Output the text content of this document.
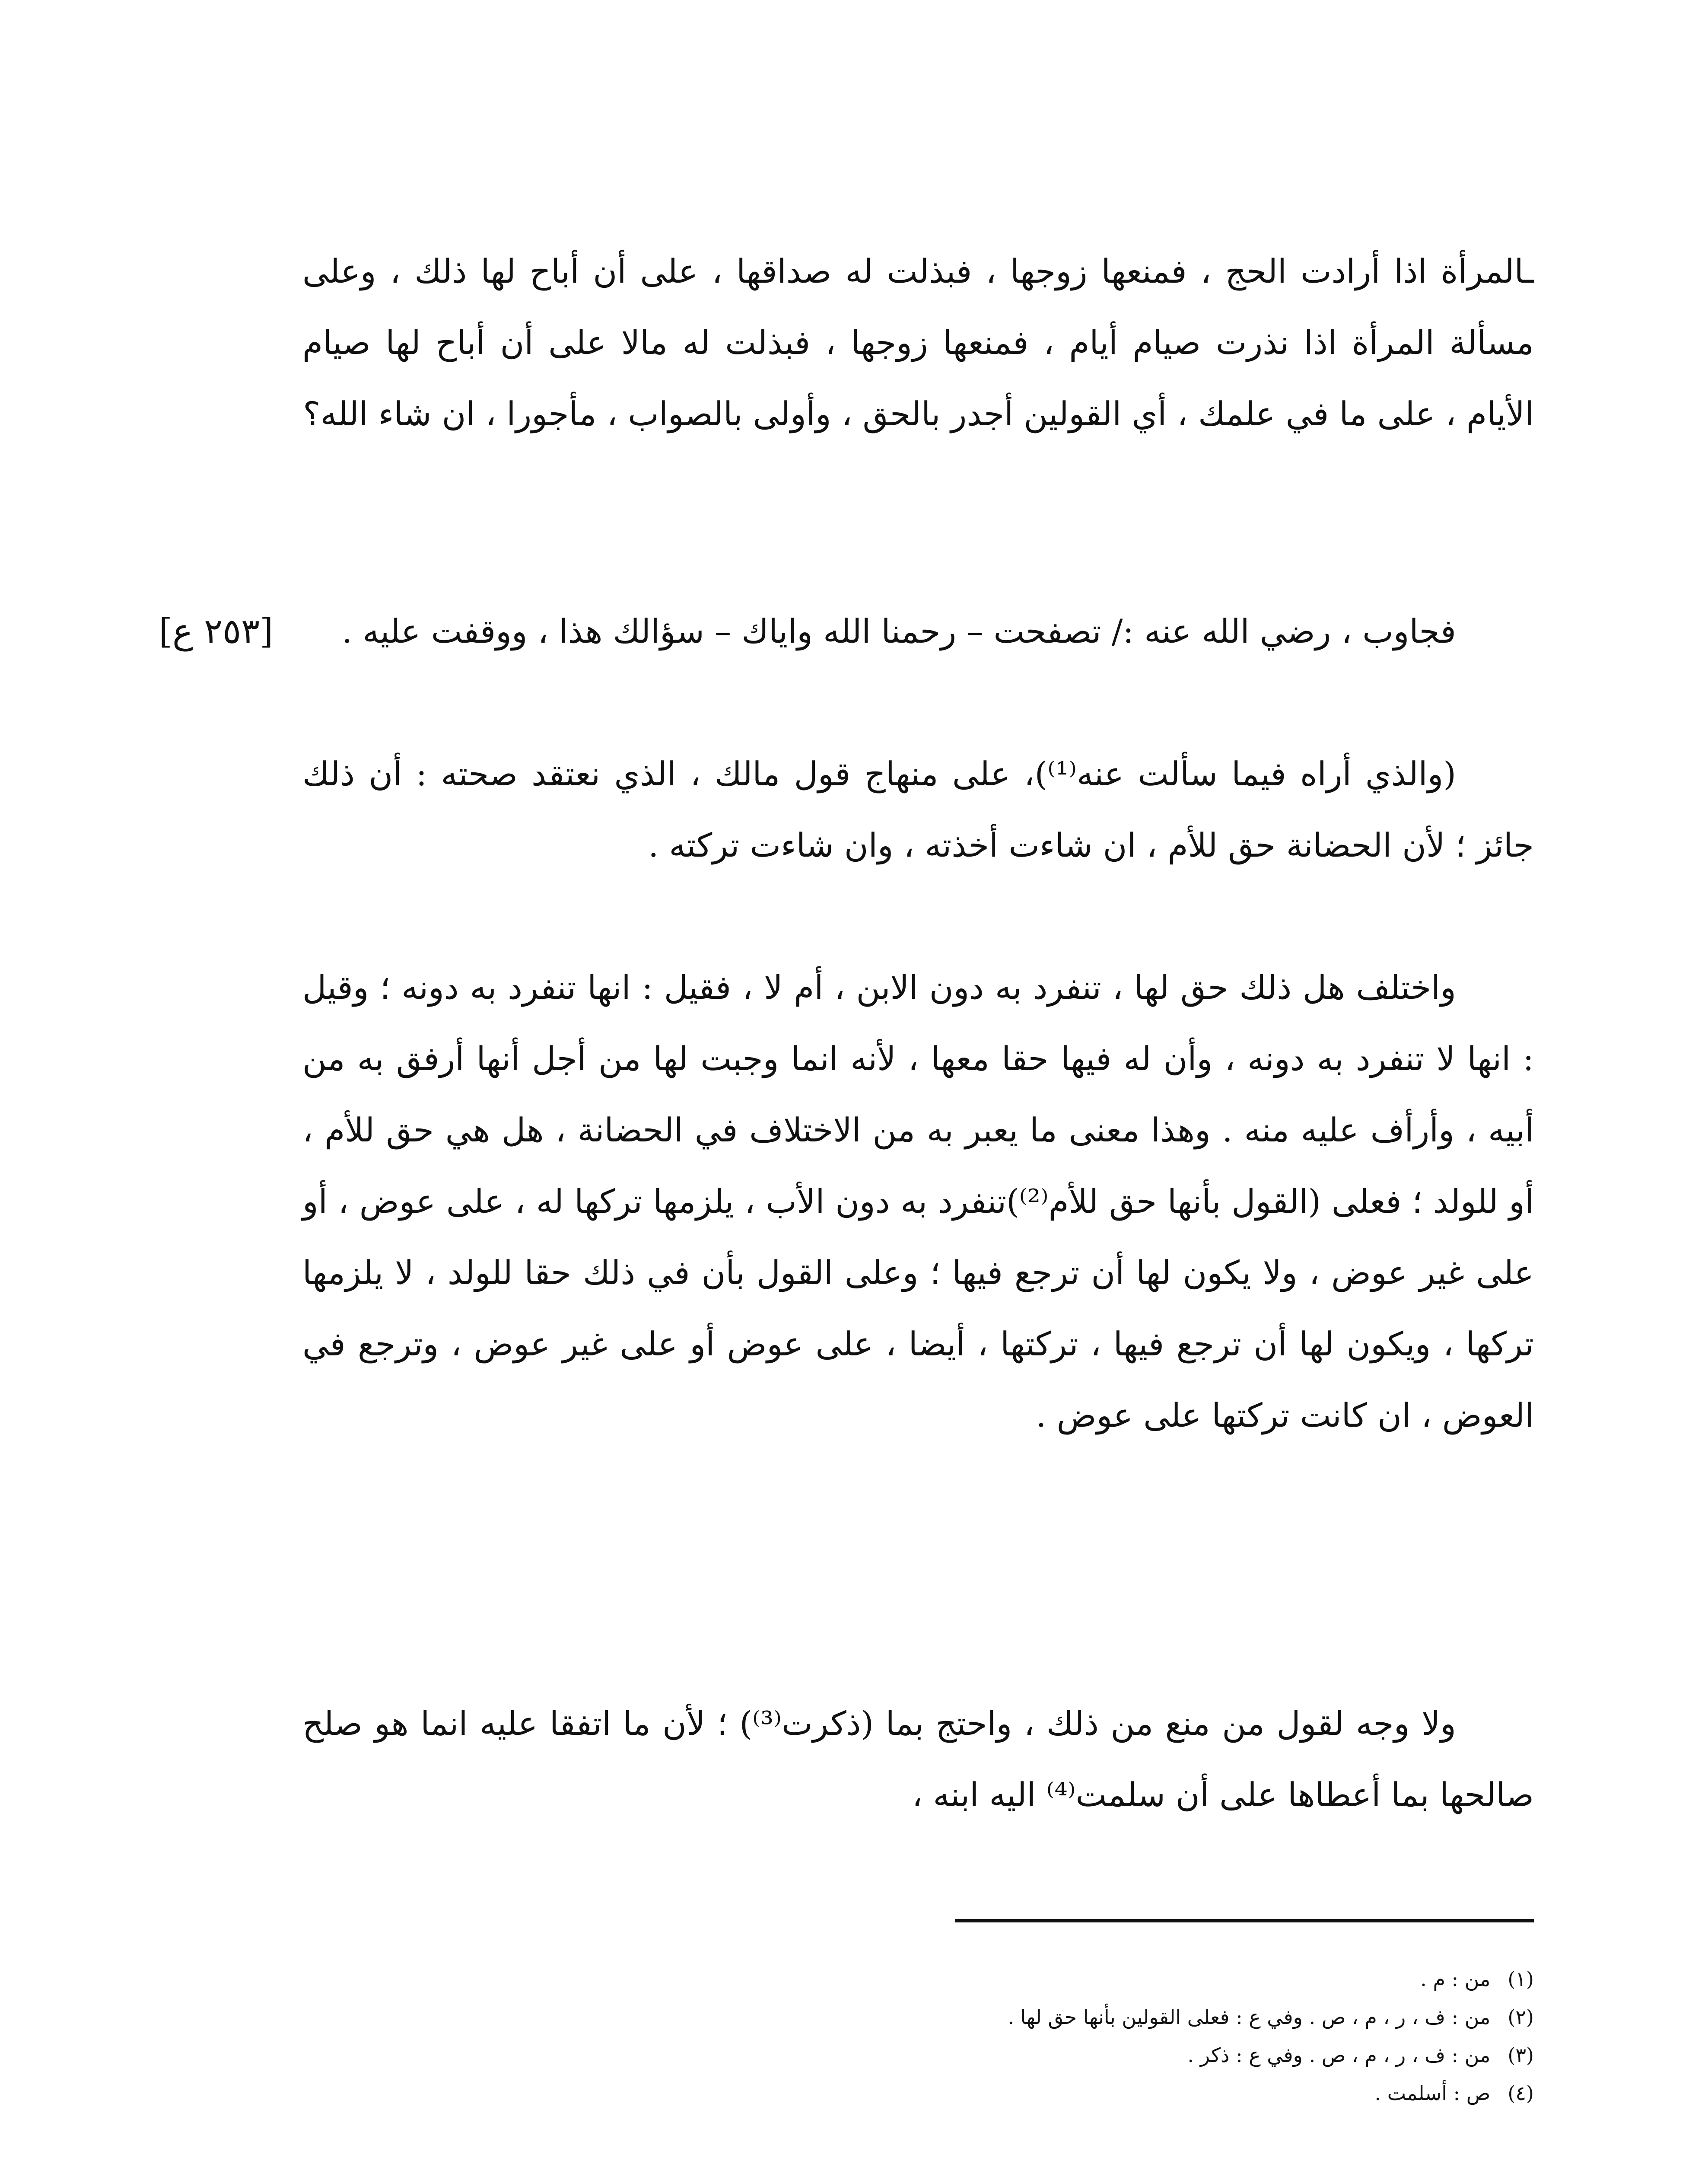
ـالمرأة اذا أرادت الحج ، فمنعها زوجها ، فبذلت له صداقها ، على أن أباح لها ذلك ، وعلى مسألة المرأة اذا نذرت صيام أيام ، فمنعها زوجها ، فبذلت له مالا على أن أباح لها صيام الأيام ، على ما في علمك ، أي القولين أجدر بالحق ، وأولى بالصواب ، مأجورا ، ان شاء الله؟

فجاوب ، رضي الله عنه :/ تصفحت – رحمنا الله واياك – سؤالك هذا ، ووقفت عليه .

[٢٥٣ ع]

(والذي أراه فيما سألت عنه⁽¹⁾)، على منهاج قول مالك ، الذي نعتقد صحته : أن ذلك جائز ؛ لأن الحضانة حق للأم ، ان شاءت أخذته ، وان شاءت تركته .

واختلف هل ذلك حق لها ، تنفرد به دون الابن ، أم لا ، فقيل : انها تنفرد به دونه ؛ وقيل : انها لا تنفرد به دونه ، وأن له فيها حقا معها ، لأنه انما وجبت لها من أجل أنها أرفق به من أبيه ، وأرأف عليه منه . وهذا معنى ما يعبر به من الاختلاف في الحضانة ، هل هي حق للأم ، أو للولد ؛ فعلى (القول بأنها حق للأم⁽²⁾)تنفرد به دون الأب ، يلزمها تركها له ، على عوض ، أو على غير عوض ، ولا يكون لها أن ترجع فيها ؛ وعلى القول بأن في ذلك حقا للولد ، لا يلزمها تركها ، ويكون لها أن ترجع فيها ، تركتها ، أيضا ، على عوض أو على غير عوض ، وترجع في العوض ، ان كانت تركتها على عوض .

ولا وجه لقول من منع من ذلك ، واحتج بما (ذكرت⁽³⁾) ؛ لأن ما اتفقا عليه انما هو صلح صالحها بما أعطاها على أن سلمت⁽⁴⁾ اليه ابنه ،

(١)من : م .

(٢)من : ف ، ر ، م ، ص . وفي ع : فعلى القولين بأنها حق لها .

(٣)من : ف ، ر ، م ، ص . وفي ع : ذكر .

(٤)ص : أسلمت .
